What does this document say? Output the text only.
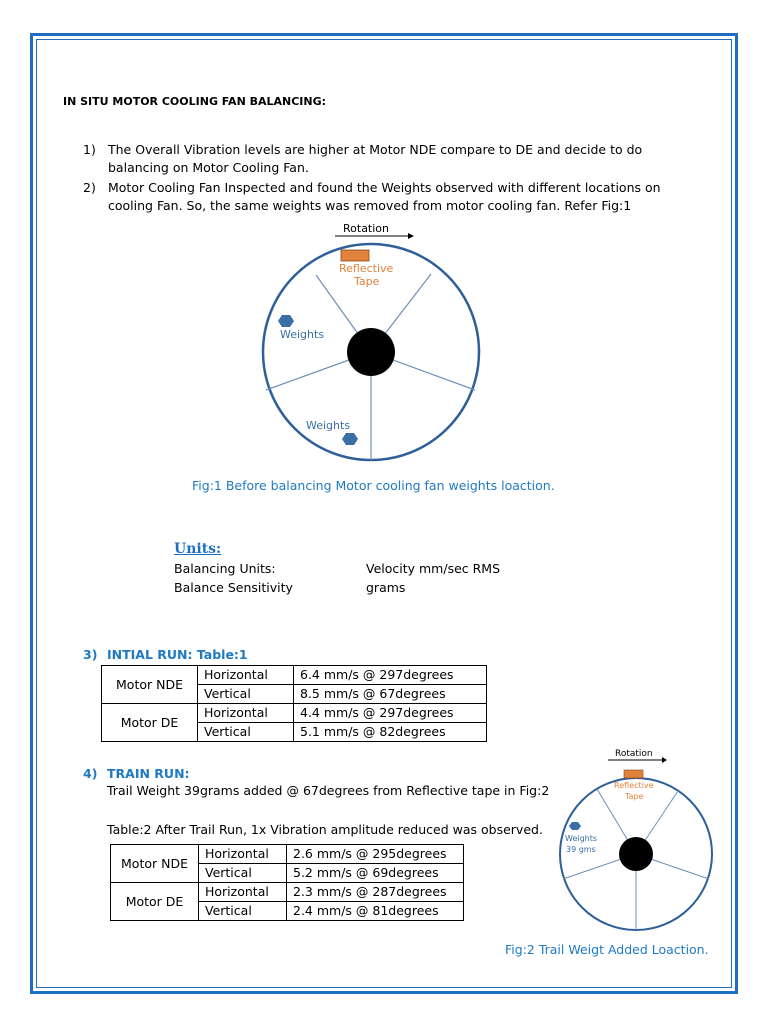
IN SITU MOTOR COOLING FAN BALANCING:
1) The Overall Vibration levels are higher at Motor NDE compare to DE and decide to do balancing on Motor Cooling Fan.
2) Motor Cooling Fan Inspected and found the Weights observed with different locations on cooling Fan. So, the same weights was removed from motor cooling fan. Refer Fig:1
Rotation
Reflective
Tape
Weights
Weights
Fig:1 Before balancing Motor cooling fan weights loaction.
Units:
Balancing Units:	Velocity mm/sec RMS
Balance Sensitivity	grams
3) INTIAL RUN: Table:1
Motor NDE	Horizontal	6.4 mm/s @ 297degrees
	Vertical	8.5 mm/s @ 67degrees
Motor DE	Horizontal	4.4 mm/s @ 297degrees
	Vertical	5.1 mm/s @ 82degrees
4) TRAIN RUN:
Trail Weight 39grams added @ 67degrees from Reflective tape in Fig:2
Table:2 After Trail Run, 1x Vibration amplitude reduced was observed.
Motor NDE	Horizontal	2.6 mm/s @ 295degrees
	Vertical	5.2 mm/s @ 69degrees
Motor DE	Horizontal	2.3 mm/s @ 287degrees
	Vertical	2.4 mm/s @ 81degrees
Rotation
Reflective
Tape
Weights
39 gms
Fig:2 Trail Weigt Added Loaction.
